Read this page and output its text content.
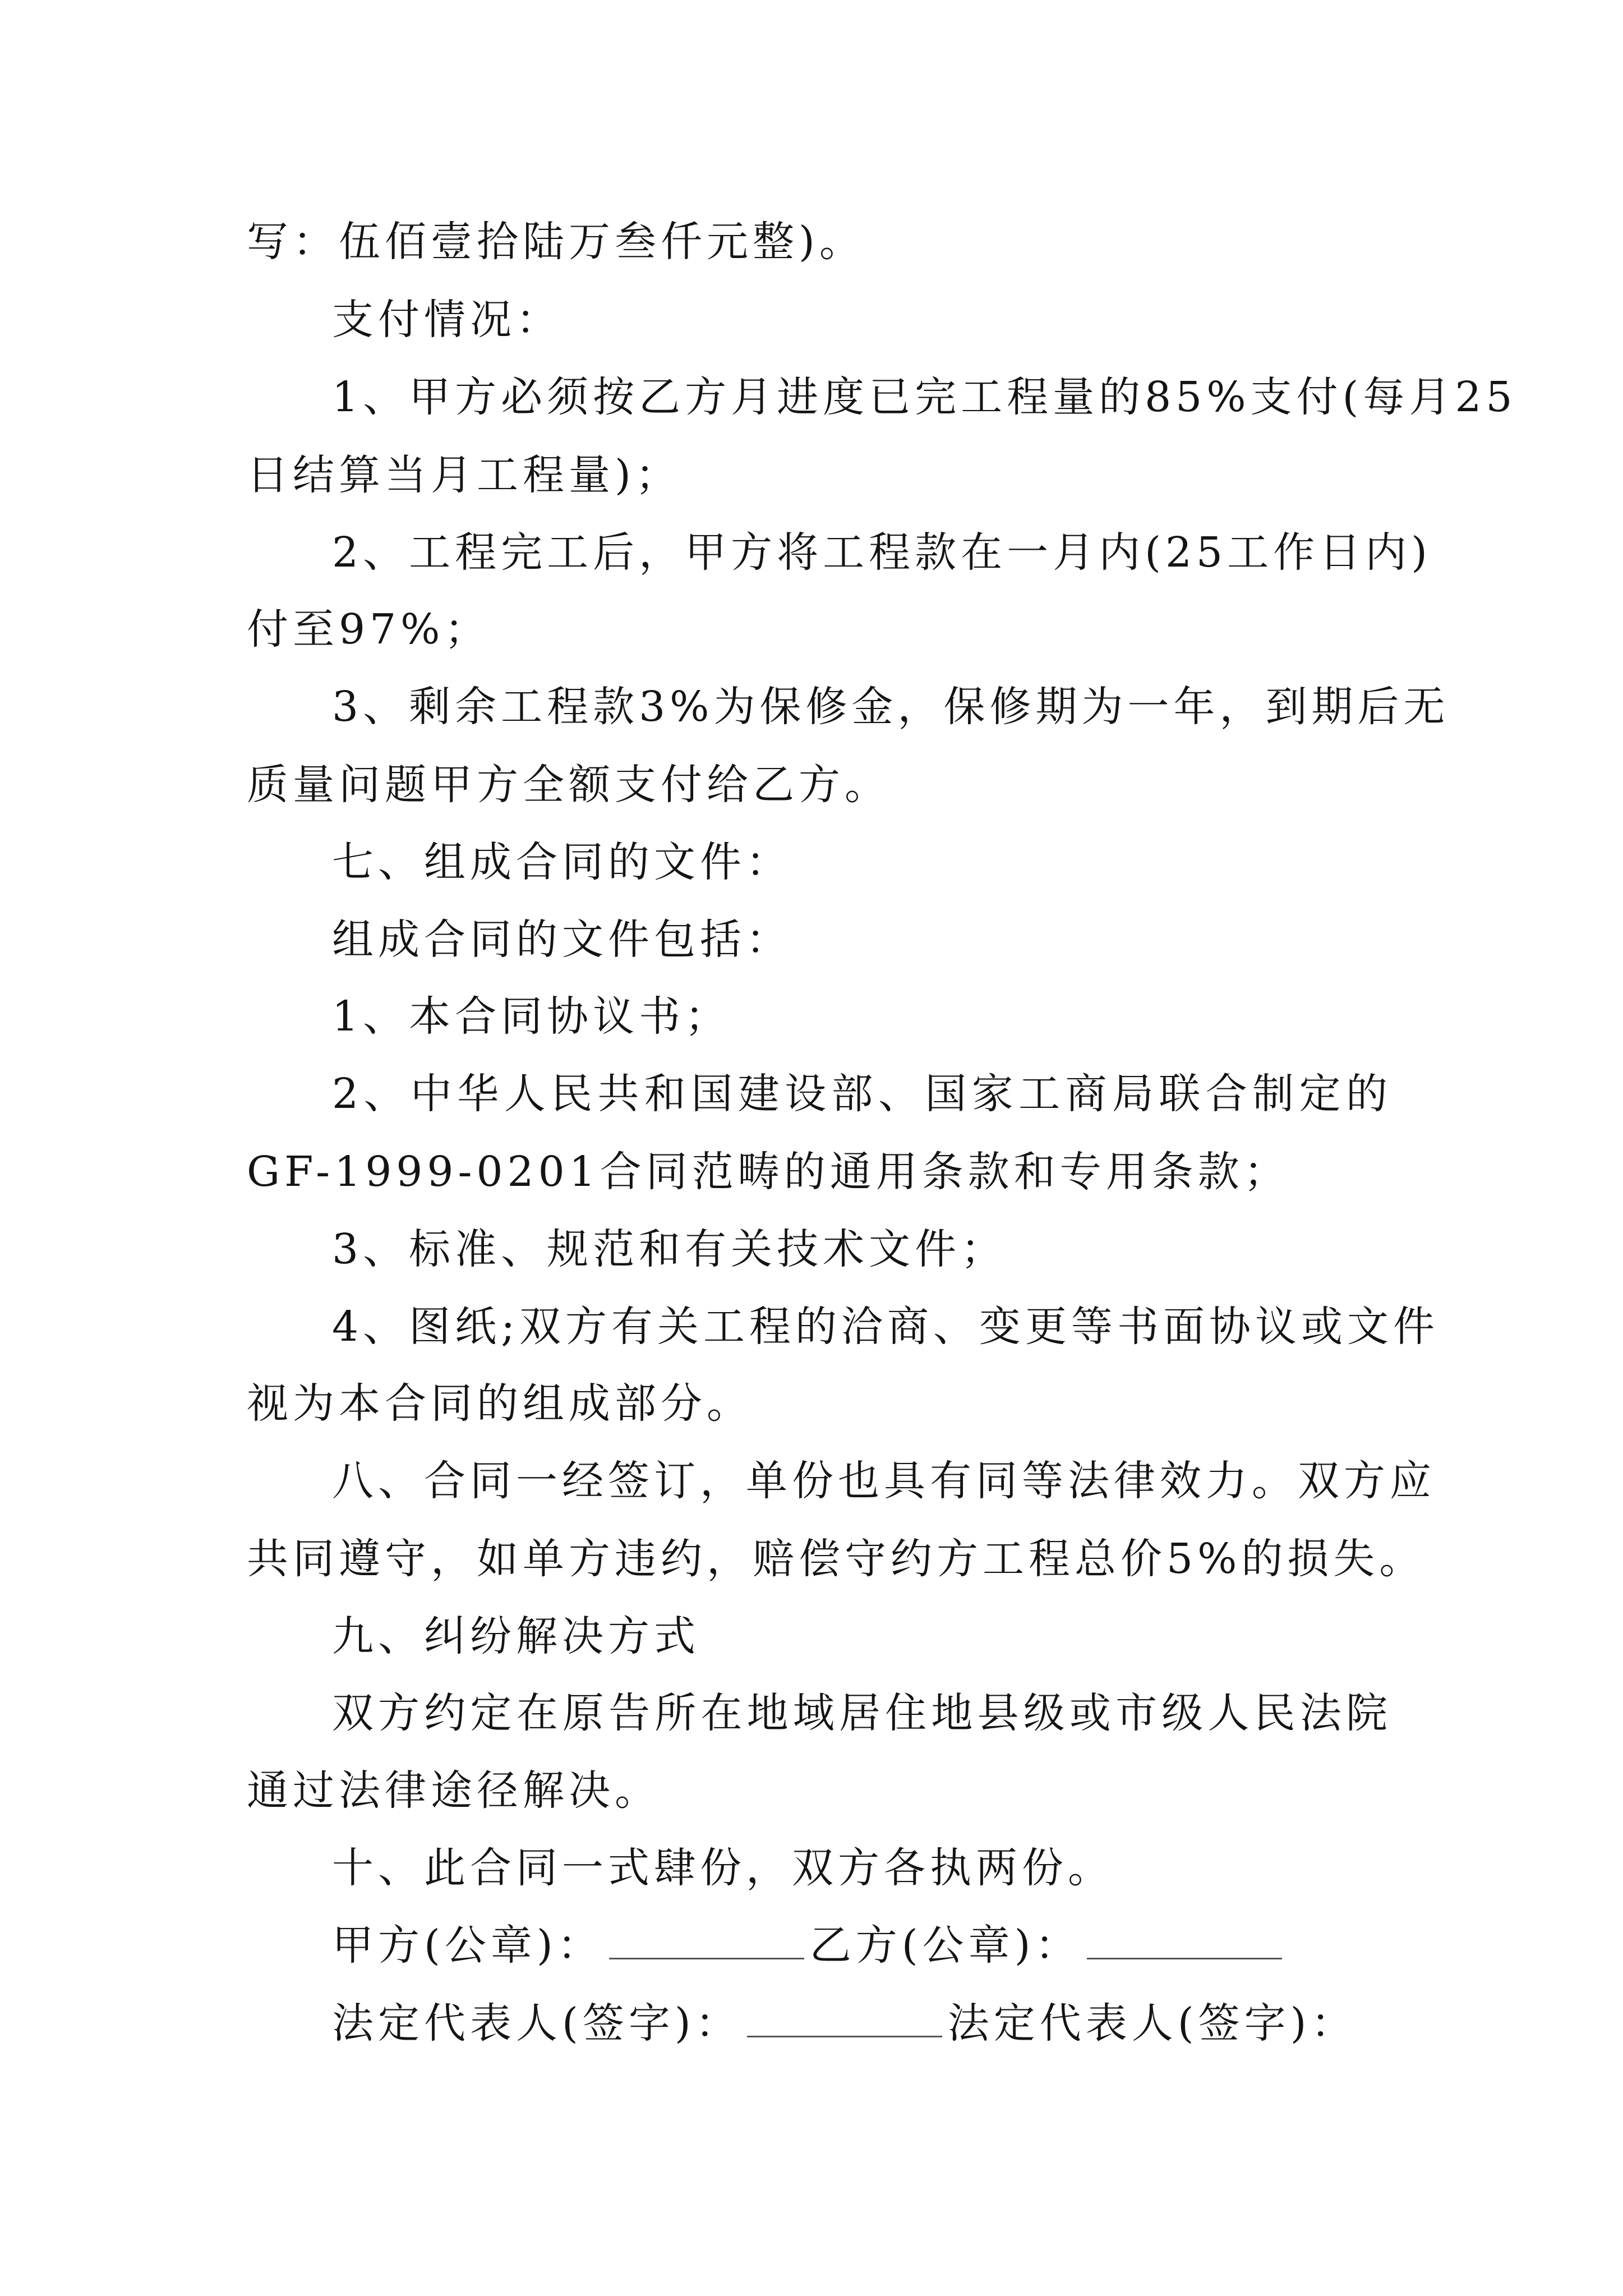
写：伍佰壹拾陆万叁仟元整)。
支付情况：
1、甲方必须按乙方月进度已完工程量的85%支付(每月25
日结算当月工程量)；
2、工程完工后，甲方将工程款在一月内(25工作日内)
付至97%；
3、剩余工程款3%为保修金，保修期为一年，到期后无
质量问题甲方全额支付给乙方。
七、组成合同的文件：
组成合同的文件包括：
1、本合同协议书；
2、中华人民共和国建设部、国家工商局联合制定的
GF-1999-0201合同范畴的通用条款和专用条款；
3、标准、规范和有关技术文件；
4、图纸;双方有关工程的洽商、变更等书面协议或文件
视为本合同的组成部分。
八、合同一经签订，单份也具有同等法律效力。双方应
共同遵守，如单方违约，赔偿守约方工程总价5%的损失。
九、纠纷解决方式
双方约定在原告所在地域居住地县级或市级人民法院
通过法律途径解决。
十、此合同一式肆份，双方各执两份。
甲方(公章)：	乙方(公章)：
法定代表人(签字)：	法定代表人(签字)：
